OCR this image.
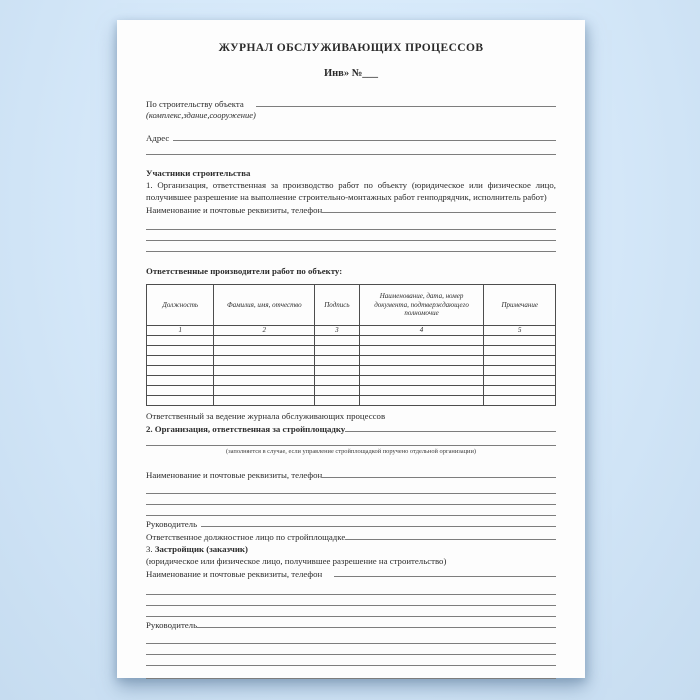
ЖУРНАЛ ОБСЛУЖИВАЮЩИХ ПРОЦЕССОВ
Инв» №___
По строительству объекта
(комплекс,здание,сооружение)
Адрес
Участники строительства
1. Организация, ответственная за производство работ по объекту (юридическое или физическое лицо, получившее разрешение на выполнение строительно-монтажных работ генподрядчик, исполнитель работ)
Наименование и почтовые реквизиты, телефон
Ответственные производители работ по объекту:
Должность	Фамилия, имя, отчество	Подпись	Наименование, дата, номер документа, подтверждающего полномочие	Примечание
1	2	3	4	5

Ответственный за ведение журнала обслуживающих процессов
2. Организация, ответственная за стройплощадку
(заполняется в случае, если управление стройплощадкой поручено отдельной организации)
Наименование и почтовые реквизиты, телефон
Руководитель
Ответственное должностное лицо по стройплощадке
3. Застройщик (заказчик)
(юридическое или физическое лицо, получившее разрешение на строительство)
Наименование и почтовые реквизиты, телефон
Руководитель
